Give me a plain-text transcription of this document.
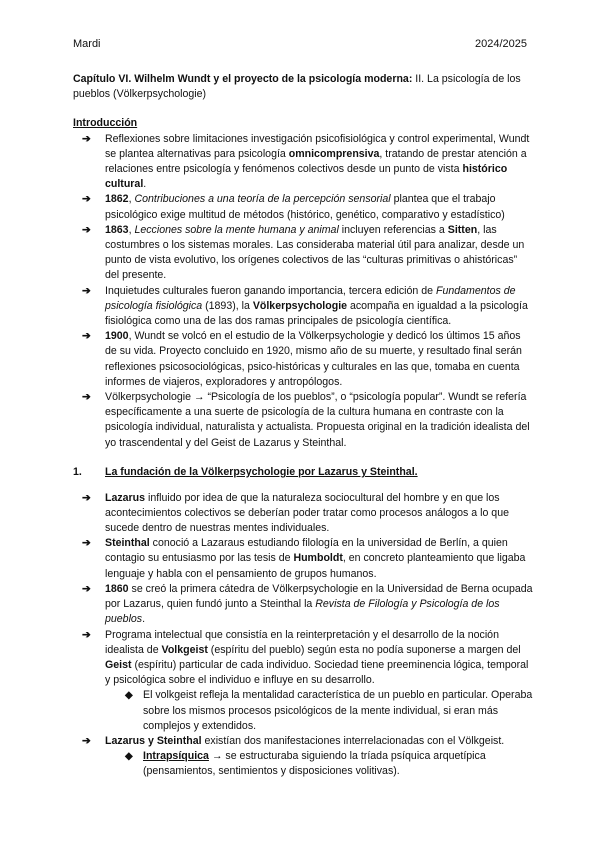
Mardi	2024/2025

Capítulo VI. Wilhelm Wundt y el proyecto de la psicología moderna: II. La psicología de los pueblos (Völkerpsychologie)

Introducción

➔ Reflexiones sobre limitaciones investigación psicofisiológica y control experimental, Wundt se plantea alternativas para psicología omnicomprensiva, tratando de prestar atención a relaciones entre psicología y fenómenos colectivos desde un punto de vista histórico cultural.
➔ 1862, Contribuciones a una teoría de la percepción sensorial plantea que el trabajo psicológico exige multitud de métodos (histórico, genético, comparativo y estadístico)
➔ 1863, Lecciones sobre la mente humana y animal incluyen referencias a Sitten, las costumbres o los sistemas morales. Las consideraba material útil para analizar, desde un punto de vista evolutivo, los orígenes colectivos de las “culturas primitivas o ahistóricas” del presente.
➔ Inquietudes culturales fueron ganando importancia, tercera edición de Fundamentos de psicología fisiológica (1893), la Völkerpsychologie acompaña en igualdad a la psicología fisiológica como una de las dos ramas principales de psicología científica.
➔ 1900, Wundt se volcó en el estudio de la Völkerpsychologie y dedicó los últimos 15 años de su vida. Proyecto concluido en 1920, mismo año de su muerte, y resultado final serán reflexiones psicosociológicas, psico-históricas y culturales en las que, tomaba en cuenta informes de viajeros, exploradores y antropólogos.
➔ Völkerpsychologie → “Psicología de los pueblos”, o “psicología popular”. Wundt se refería específicamente a una suerte de psicología de la cultura humana en contraste con la psicología individual, naturalista y actualista. Propuesta original en la tradición idealista del yo trascendental y del Geist de Lazarus y Steinthal.

1. La fundación de la Völkerpsychologie por Lazarus y Steinthal.

➔ Lazarus influido por idea de que la naturaleza sociocultural del hombre y en que los acontecimientos colectivos se deberían poder tratar como procesos análogos a lo que sucede dentro de nuestras mentes individuales.
➔ Steinthal conoció a Lazaraus estudiando filología en la universidad de Berlín, a quien contagio su entusiasmo por las tesis de Humboldt, en concreto planteamiento que ligaba lenguaje y habla con el pensamiento de grupos humanos.
➔ 1860 se creó la primera cátedra de Völkerpsychologie en la Universidad de Berna ocupada por Lazarus, quien fundó junto a Steinthal la Revista de Filología y Psicología de los pueblos.
➔ Programa intelectual que consistía en la reinterpretación y el desarrollo de la noción idealista de Volkgeist (espíritu del pueblo) según esta no podía suponerse a margen del Geist (espíritu) particular de cada individuo. Sociedad tiene preeminencia lógica, temporal y psicológica sobre el individuo e influye en su desarrollo.
◆ El volkgeist refleja la mentalidad característica de un pueblo en particular. Operaba sobre los mismos procesos psicológicos de la mente individual, si eran más complejos y extendidos.
➔ Lazarus y Steinthal existían dos manifestaciones interrelacionadas con el Völkgeist.
◆ Intrapsíquica → se estructuraba siguiendo la tríada psíquica arquetípica (pensamientos, sentimientos y disposiciones volitivas).
